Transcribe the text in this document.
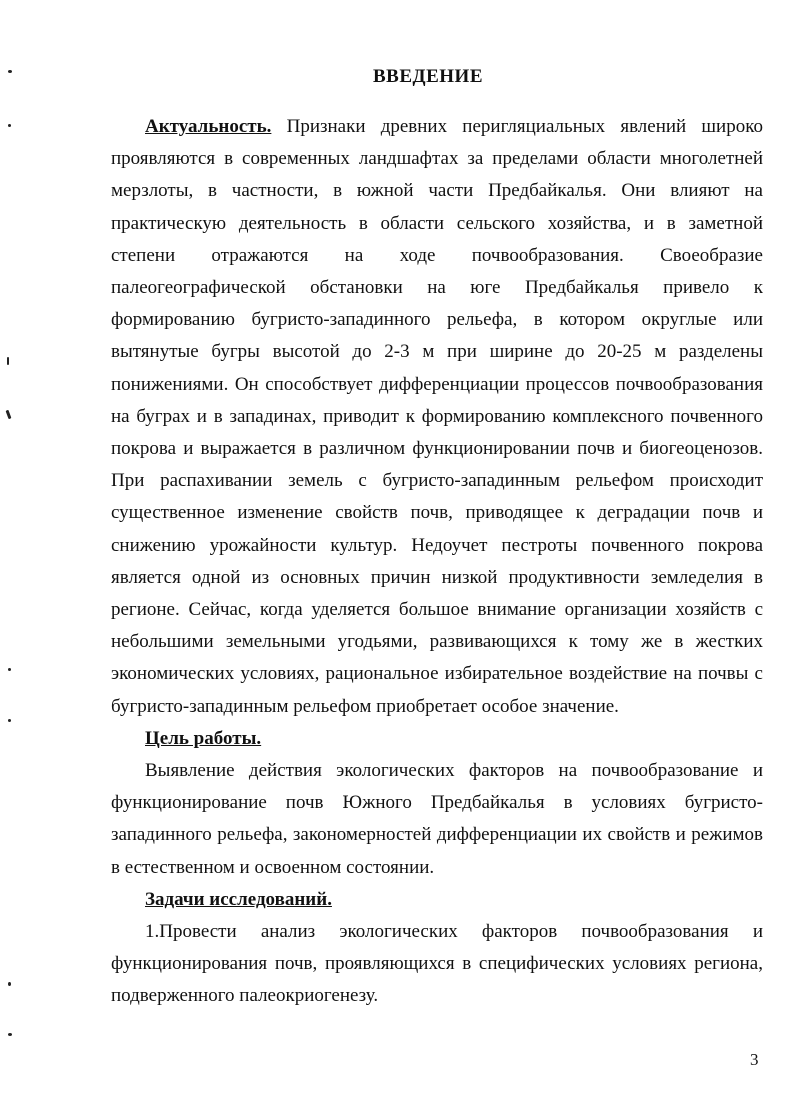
ВВЕДЕНИЕ

Актуальность. Признаки древних перигляциальных явлений широко проявляются в современных ландшафтах за пределами области многолетней мерзлоты, в частности, в южной части Предбайкалья. Они влияют на практическую деятельность в области сельского хозяйства, и в заметной степени отражаются на ходе почвообразования. Своеобразие палеогеографической обстановки на юге Предбайкалья привело к формированию бугристо-западинного рельефа, в котором округлые или вытянутые бугры высотой до 2-3 м при ширине до 20-25 м разделены понижениями. Он способствует дифференциации процессов почвообразования на буграх и в западинах, приводит к формированию комплексного почвенного покрова и выражается в различном функционировании почв и биогеоценозов. При распахивании земель с бугристо-западинным рельефом происходит существенное изменение свойств почв, приводящее к деградации почв и снижению урожайности культур. Недоучет пестроты почвенного покрова является одной из основных причин низкой продуктивности земледелия в регионе. Сейчас, когда уделяется большое внимание организации хозяйств с небольшими земельными угодьями, развивающихся к тому же в жестких экономических условиях, рациональное избирательное воздействие на почвы с бугристо-западинным рельефом приобретает особое значение.

Цель работы.

Выявление действия экологических факторов на почвообразование и функционирование почв Южного Предбайкалья в условиях бугристо-западинного рельефа, закономерностей дифференциации их свойств и режимов в естественном и освоенном состоянии.

Задачи исследований.

1.Провести анализ экологических факторов почвообразования и функционирования почв, проявляющихся в специфических условиях региона, подверженного палеокриогенезу.

3
